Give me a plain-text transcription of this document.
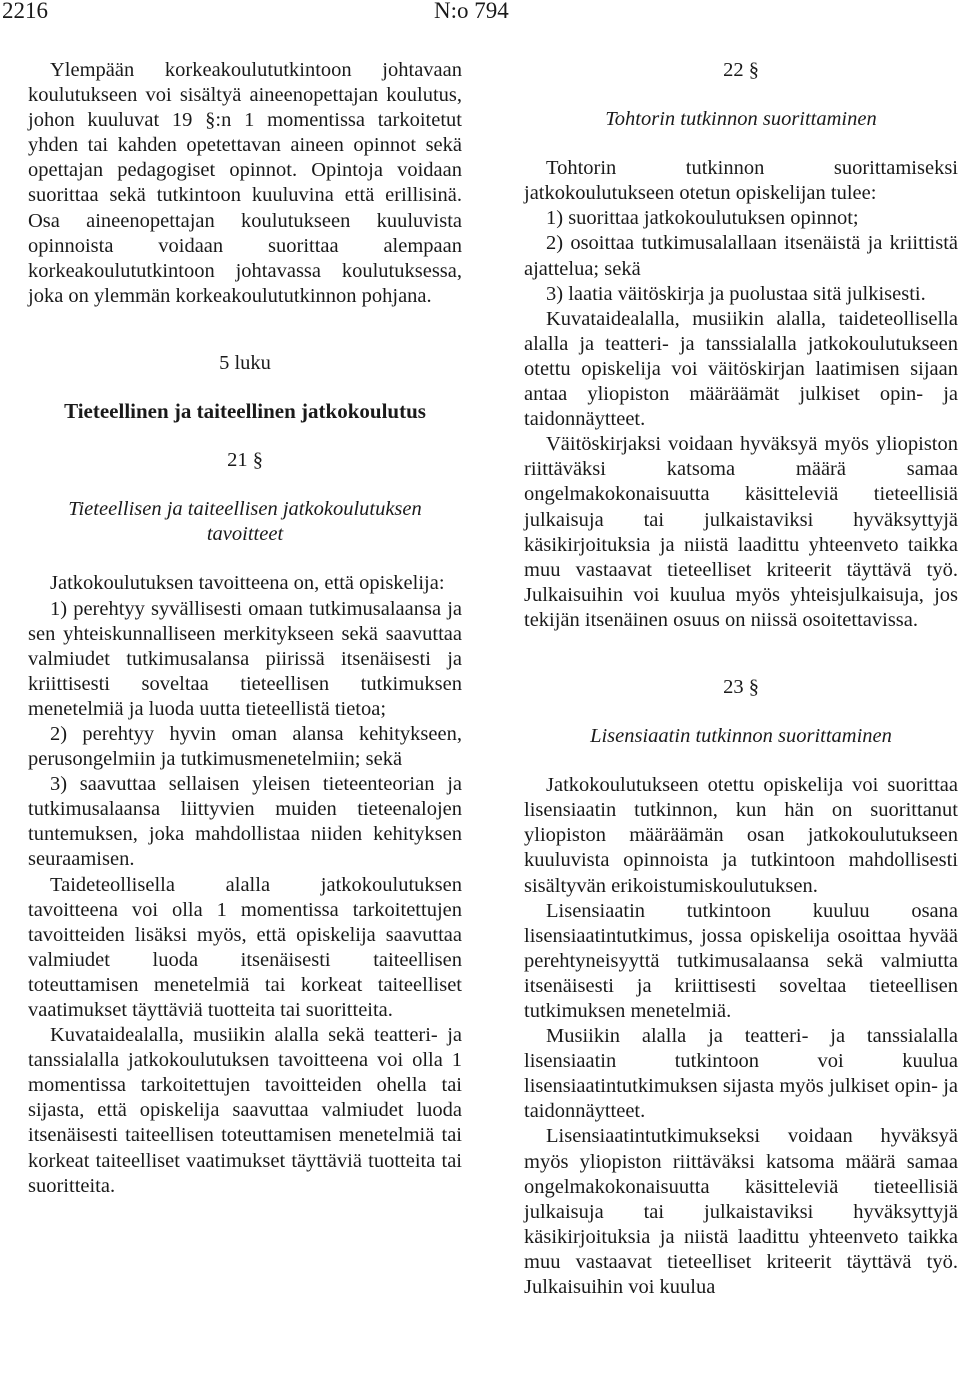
2216	N:o 794

Ylempään korkeakoulututkintoon johtavaan koulutukseen voi sisältyä aineenopettajan koulutus, johon kuuluvat 19 §:n 1 momentissa tarkoitetut yhden tai kahden opetettavan aineen opinnot sekä opettajan pedagogiset opinnot. Opintoja voidaan suorittaa sekä tutkintoon kuuluvina että erillisinä. Osa aineenopettajan koulutukseen kuuluvista opinnoista voidaan suorittaa alempaan korkeakoulututkintoon johtavassa koulutuksessa, joka on ylemmän korkeakoulututkinnon pohjana.

5 luku
Tieteellinen ja taiteellinen jatkokoulutus
21 §
Tieteellisen ja taiteellisen jatkokoulutuksen tavoitteet

Jatkokoulutuksen tavoitteena on, että opiskelija:

1) perehtyy syvällisesti omaan tutkimusalaansa ja sen yhteiskunnalliseen merkitykseen sekä saavuttaa valmiudet tutkimusalansa piirissä itsenäisesti ja kriittisesti soveltaa tieteellisen tutkimuksen menetelmiä ja luoda uutta tieteellistä tietoa;

2) perehtyy hyvin oman alansa kehitykseen, perusongelmiin ja tutkimusmenetelmiin; sekä

3) saavuttaa sellaisen yleisen tieteenteorian ja tutkimusalaansa liittyvien muiden tieteenalojen tuntemuksen, joka mahdollistaa niiden kehityksen seuraamisen.

Taideteollisella alalla jatkokoulutuksen tavoitteena voi olla 1 momentissa tarkoitettujen tavoitteiden lisäksi myös, että opiskelija saavuttaa valmiudet luoda itsenäisesti taiteellisen toteuttamisen menetelmiä tai korkeat taiteelliset vaatimukset täyttäviä tuotteita tai suoritteita.

Kuvataidealalla, musiikin alalla sekä teatteri- ja tanssialalla jatkokoulutuksen tavoitteena voi olla 1 momentissa tarkoitettujen tavoitteiden ohella tai sijasta, että opiskelija saavuttaa valmiudet luoda itsenäisesti taiteellisen toteuttamisen menetelmiä tai korkeat taiteelliset vaatimukset täyttäviä tuotteita tai suoritteita.

22 §
Tohtorin tutkinnon suorittaminen

Tohtorin tutkinnon suorittamiseksi jatkokoulutukseen otetun opiskelijan tulee:

1) suorittaa jatkokoulutuksen opinnot;

2) osoittaa tutkimusalallaan itsenäistä ja kriittistä ajattelua; sekä

3) laatia väitöskirja ja puolustaa sitä julkisesti.

Kuvataidealalla, musiikin alalla, taideteollisella alalla ja teatteri- ja tanssialalla jatkokoulutukseen otettu opiskelija voi väitöskirjan laatimisen sijaan antaa yliopiston määräämät julkiset opin- ja taidonnäytteet.

Väitöskirjaksi voidaan hyväksyä myös yliopiston riittäväksi katsoma määrä samaa ongelmakokonaisuutta käsitteleviä tieteellisiä julkaisuja tai julkaistaviksi hyväksyttyjä käsikirjoituksia ja niistä laadittu yhteenveto taikka muu vastaavat tieteelliset kriteerit täyttävä työ. Julkaisuihin voi kuulua myös yhteisjulkaisuja, jos tekijän itsenäinen osuus on niissä osoitettavissa.

23 §
Lisensiaatin tutkinnon suorittaminen

Jatkokoulutukseen otettu opiskelija voi suorittaa lisensiaatin tutkinnon, kun hän on suorittanut yliopiston määräämän osan jatkokoulutukseen kuuluvista opinnoista ja tutkintoon mahdollisesti sisältyvän erikoistumiskoulutuksen.

Lisensiaatin tutkintoon kuuluu osana lisensiaatintutkimus, jossa opiskelija osoittaa hyvää perehtyneisyyttä tutkimusalaansa sekä valmiutta itsenäisesti ja kriittisesti soveltaa tieteellisen tutkimuksen menetelmiä.

Musiikin alalla ja teatteri- ja tanssialalla lisensiaatin tutkintoon voi kuulua lisensiaatintutkimuksen sijasta myös julkiset opin- ja taidonnäytteet.

Lisensiaatintutkimukseksi voidaan hyväksyä myös yliopiston riittäväksi katsoma määrä samaa ongelmakokonaisuutta käsitteleviä tieteellisiä julkaisuja tai julkaistaviksi hyväksyttyjä käsikirjoituksia ja niistä laadittu yhteenveto taikka muu vastaavat tieteelliset kriteerit täyttävä työ. Julkaisuihin voi kuulua
